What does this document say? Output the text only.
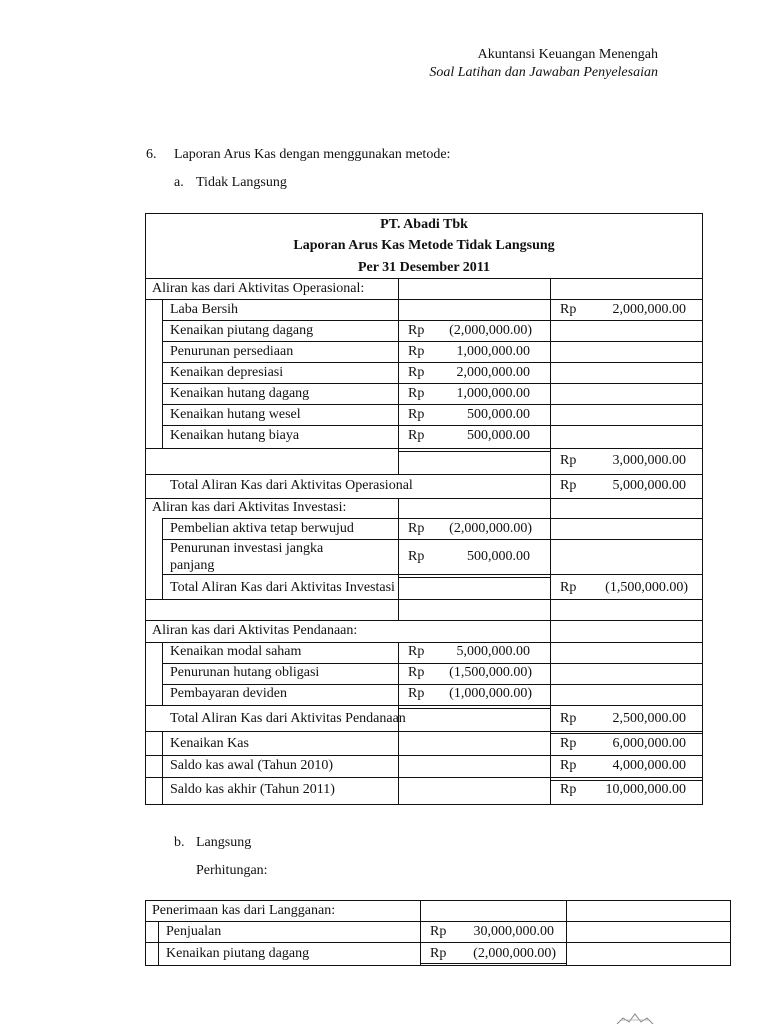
Akuntansi Keuangan Menengah
Soal Latihan dan Jawaban Penyelesaian
6. Laporan Arus Kas dengan menggunakan metode:
a. Tidak Langsung
PT. Abadi Tbk
Laporan Arus Kas Metode Tidak Langsung
Per 31 Desember 2011
Aliran kas dari Aktivitas Operasional:
Laba Bersih	Rp	2,000,000.00
Kenaikan piutang dagang	Rp (2,000,000.00)
Penurunan persediaan	Rp 1,000,000.00
Kenaikan depresiasi	Rp 2,000,000.00
Kenaikan hutang dagang	Rp 1,000,000.00
Kenaikan hutang wesel	Rp	500,000.00
Kenaikan hutang biaya	Rp	500,000.00
Rp	3,000,000.00
Total Aliran Kas dari Aktivitas Operasional	Rp	5,000,000.00
Aliran kas dari Aktivitas Investasi:
Pembelian aktiva tetap berwujud	Rp (2,000,000.00)
Penurunan investasi jangka
panjang
Rp	500,000.00
Total Aliran Kas dari Aktivitas Investasi	Rp (1,500,000.00)
Aliran kas dari Aktivitas Pendanaan:
Kenaikan modal saham	Rp 5,000,000.00
Penurunan hutang obligasi	Rp (1,500,000.00)
Pembayaran deviden	Rp (1,000,000.00)
Total Aliran Kas dari Aktivitas Pendanaan	Rp	2,500,000.00
Kenaikan Kas	Rp	6,000,000.00
Saldo kas awal (Tahun 2010)	Rp	4,000,000.00
Saldo kas akhir (Tahun 2011)	Rp 10,000,000.00
b. Langsung
Perhitungan:
Penerimaan kas dari Langganan:
Penjualan	Rp 30,000,000.00
Kenaikan piutang dagang	Rp (2,000,000.00)
